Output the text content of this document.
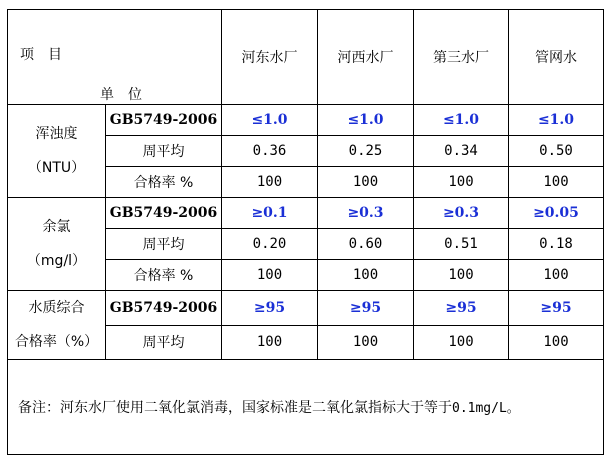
项　目
单　位		河东水厂	河西水厂	第三水厂	管网水

浑浊度
（NTU）	GB5749-2006	≤1.0	≤1.0	≤1.0	≤1.0
	周平均	0.36	0.25	0.34	0.50
	合格率 %	100	100	100	100

余氯
（mg/l）	GB5749-2006	≥0.1	≥0.3	≥0.3	≥0.05
	周平均	0.20	0.60	0.51	0.18
	合格率 %	100	100	100	100

水质综合
合格率（%）	GB5749-2006	≥95	≥95	≥95	≥95
	周平均	100	100	100	100
备注：河东水厂使用二氧化氯消毒，国家标准是二氧化氯指标大于等于0.1mg/L。					
